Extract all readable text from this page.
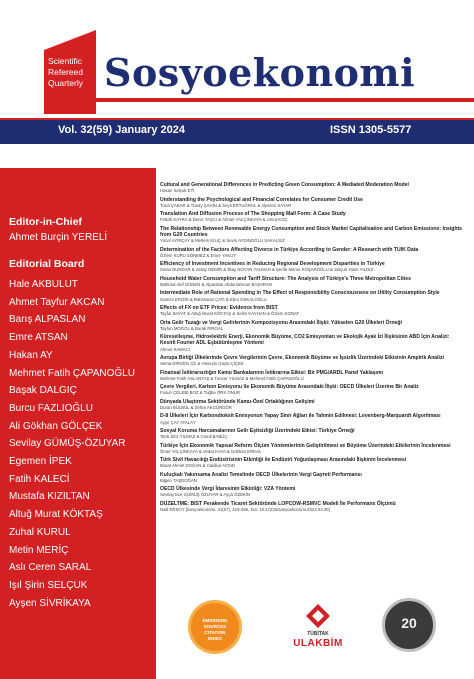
Scientific
Refereed
Quarterly Sosyoekonomi
Vol. 32(59) January 2024	ISSN 1305-5577
Editor-in-Chief
Ahmet Burçin YERELİ
Editorial Board
Hale AKBULUT
Ahmet Tayfur AKCAN
Barış ALPASLAN
Emre ATSAN
Hakan AY
Mehmet Fatih ÇAPANOĞLU
Başak DALGIÇ
Burcu FAZLIOĞLU
Ali Gökhan GÖLÇEK
Sevilay GÜMÜŞ-ÖZUYAR
Egemen İPEK
Fatih KALECİ
Mustafa KIZILTAN
Altuğ Murat KÖKTAŞ
Zuhal KURUL
Metin MERİÇ
Aslı Ceren SARAL
Işıl Şirin SELÇUK
Ayşen SİVRİKAYA
Cultural and Generational Differences in Predicting Green Consumption: A Mediated Moderation Model
Hasan Selçuk ETİ
Understanding the Psychological and Financial Correlates for Consumer Credit Use
Tuna ÇAKAR & Tunay ŞAHİN & Seyit ERTUĞRUL & Alperen SAYAR
Translation And Diffusion Process of The Shopping Mall Form: A Case Study
Fettah KAYRA & Deniz TAŞCI & Ahmet YALÇINKAYA & Umut KOÇ
The Relationship Between Renewable Energy Consumption and Stock Market Capitalisation and Carbon Emissions: Insights from G20 Countries
Yücel AYRIÇAY & Meltem KILIÇ & Sevin AYDINOĞLU SAKALSIZ
Determination of the Factors Affecting Divorce in Türkiye According to Gender: A Research with TUIK Data
Özlem KURU SÖNMEZ & Emre YAKUT
Efficiency of Investment Incentives in Reducing Regional Development Disparities in Türkiye
Sinan DUNDAR & Gülay DEMİR & İlkay NOYAN YALMAN & Şerife Merve KOŞAROĞLU & Selçuk Yasin YILDIZ
Household Water Consumption and Tariff Structure: The Analysis of Türkiye's Three Metropolitan Cities
Mahmut Akif GÜNEN & Alparslan Abdurrahman BAŞARAN
Intermediate Role of Rational Spending in The Effect of Responsibility Consciousness on Utility Consumption Style
Gamze ERGİN & Rahraman ÇATI & Ebru OSKALOĞLU
Effects of FX on ETF Prices: Evidence from BIST
Tayfur BAYAT & Altuğ Murat KÖKTAŞ & Selim KAYHAN & Özlem KONAT
Orta Gelir Tuzağı ve Vergi Gelirlerinin Kompozisyonu Arasındaki İlişki: Yükselen G20 Ülkeleri Örneği
Tayfun MOĞOL & Burak PİRGAL
Küreselleşme, Hidroelektrik Enerji, Ekonomik Büyüme, CO2 Emisyonları ve Ekolojik Ayak İzi İlişkisinin ABD İçin Analizi: Kesirli Fourier ADL Eşbütünleşme Yöntemi
Ahmet KAMACI
Avrupa Birliği Ülkelerinde Çevre Vergilerinin Çevre, Ekonomik Büyüme ve İşsizlik Üzerindeki Etkisinin Ampirik Analizi
Sema DİRGEN ÇE & Hüseyin Güçlü ÇİÇEK
Finansal İstikrarsızlığın Kamu Bankalarının İstikrarına Etkisi: Bir PMG/ARDL Panel Yaklaşımı
Mehmet Fatih ASLANTAŞ & Tuncer YILMAZ & Mehmet Fatih ÇAPANOĞLU
Çevre Vergileri, Karbon Emisyonu ile Ekonomik Büyüme Arasındaki İlişki: OECD Ülkeleri Üzerine Bir Analiz
Fusun ÇELEBİ BOZ & Tuğba ÖRS ONUR
Dünyada Ulaştırma Sektöründe Kamu-Özel Ortaklığının Gelişimi
Duran BÜLBÜL & Zehra AKGÜNGÖR
D-8 Ülkeleri İçin Karbondioksit Emisyonun Yapay Sinir Ağları ile Tahmin Edilmesi: Levenberg-Marquardt Algoritması
Ayşe ÇAY ATALAY
Sosyal Koruma Harcamalarının Gelir Eşitsizliği Üzerindeki Etkisi: Türkiye Örneği
Tarık Ziriz YILMAZ & Cemil BABÜÇ
Türkiye İçin Ekonomik Yapısal Reform Ölçüm Yöntemlerinin Geliştirilmesi ve Büyüme Üzerindeki Etkilerinin İncelenmesi
Ömer YALÇINKAYA & Vedat KAYA & Gökhan ERKAL
Türk Sivil Havacılığı Endüstrisinin Etkinliği ile Endüstri Yoğunlaşması Arasındaki İlişkinin İncelenmesi
Murat Ahmet DOĞAN & Canikut AYDIN
Kuluçkalı Yakınsama Analizi Temelinde OECD Ülkelerinin Vergi Gayreti Performansı
Bilgen TAŞDOĞAN
OECD Ülkesinde Vergi İdaresinin Etkinliği: VZA Yöntemi
Sevilay Ece GÜMÜŞ ÖZUYAR & Ayça ÖZEKİN
DÜZELTME: BIST Perakende Ticaret Sektöründe LOPCOW-RSMVC Modeli İle Performans Ölçümü
Naili ERSOY [Sosyoekonomi, 31(57), 419-436, Doi: 10.17233/sosyoekonomi.2023.03.20]
EMERGING
SOURCES
CITATION
INDEX
TÜBİTAK
ULAKBİM
20
